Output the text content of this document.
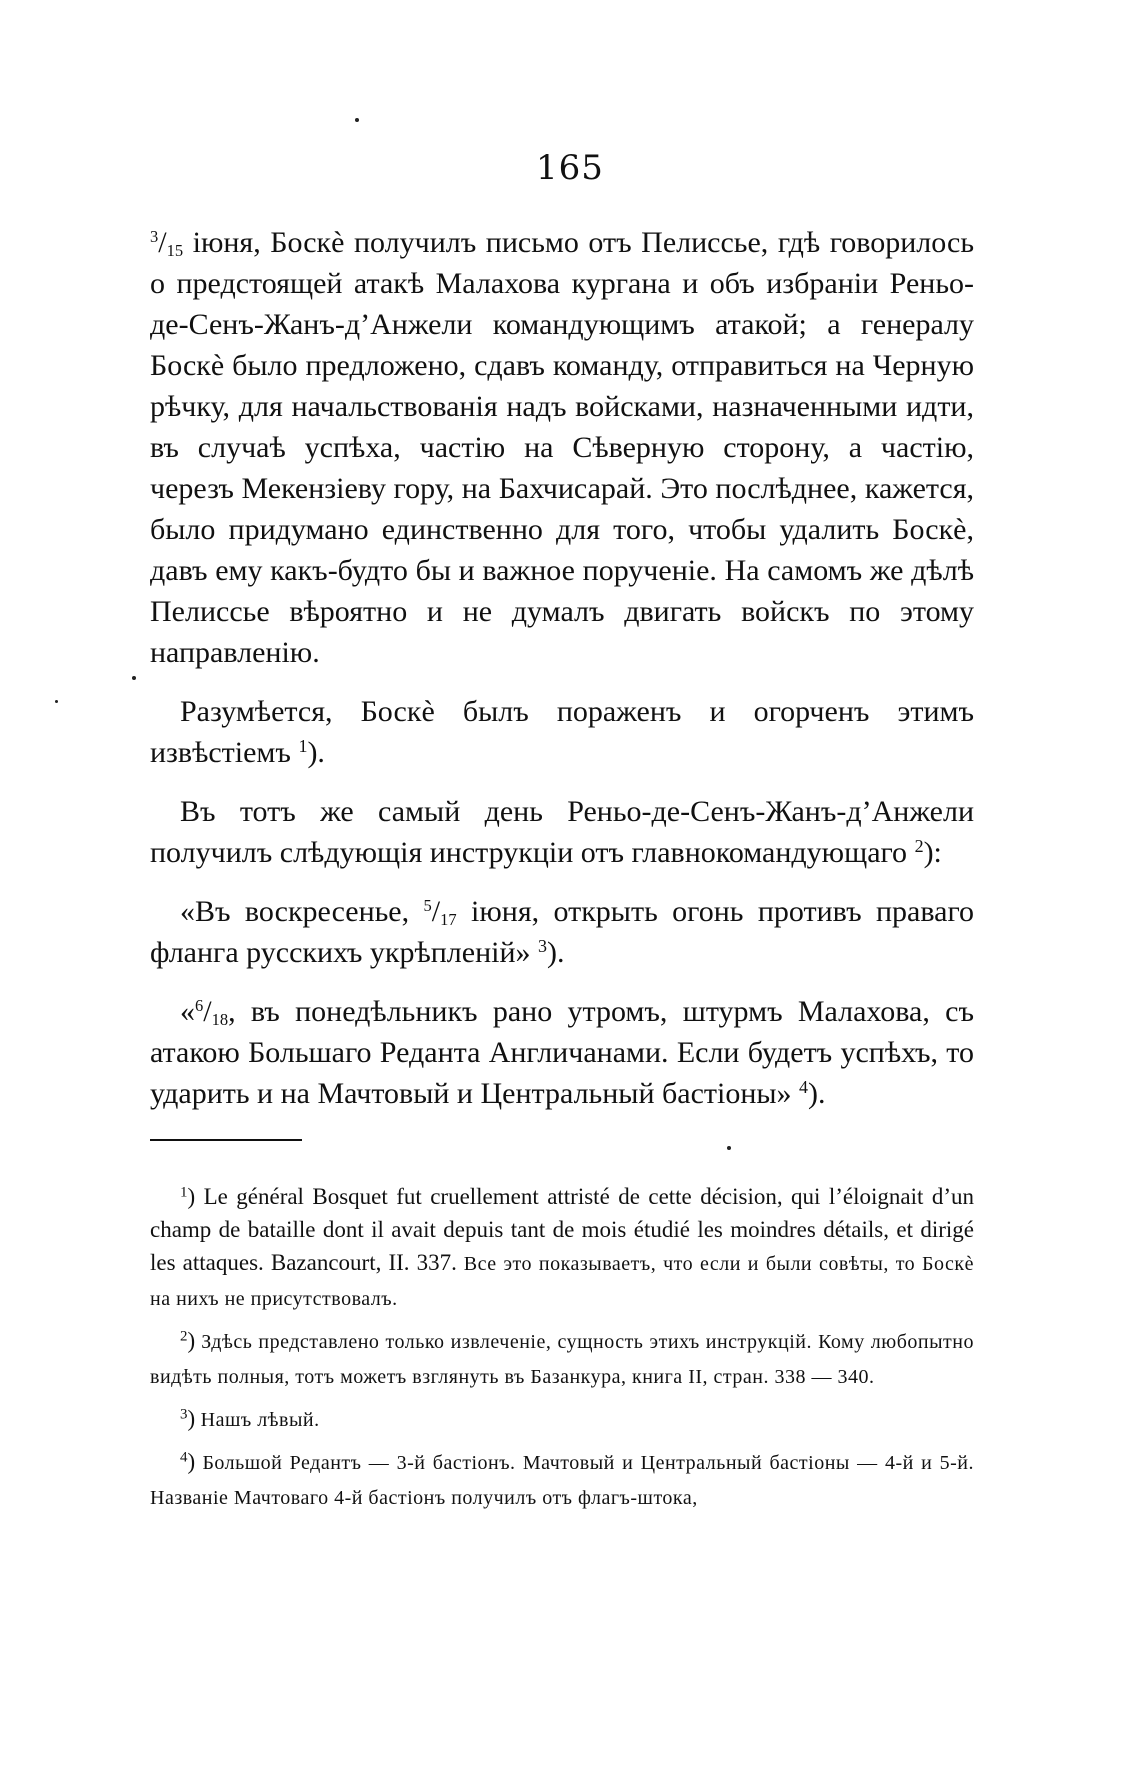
165

$^3/_{15}$ іюня, Боскѐ получилъ письмо отъ Пелиссье, гдѣ говорилось о предстоящей атакѣ Малахова кургана и объ избраніи Реньо-де-Сенъ-Жанъ-д’Анжели командующимъ атакой; а генералу Боскѐ было предложено, сдавъ команду, отправиться на Черную рѣчку, для начальствованія надъ войсками, назначенными идти, въ случаѣ успѣха, частію на Сѣверную сторону, а частію, черезъ Мекензіеву гору, на Бахчисарай. Это послѣднее, кажется, было придумано единственно для того, чтобы удалить Боскѐ, давъ ему какъ-будто бы и важное порученіе. На самомъ же дѣлѣ Пелиссье вѣроятно и не думалъ двигать войскъ по этому направленію.

Разумѣется, Боскѐ былъ пораженъ и огорченъ этимъ извѣстіемъ $^1$).

Въ тотъ же самый день Реньо-де-Сенъ-Жанъ-д’Анжели получилъ слѣдующія инструкціи отъ главнокомандующаго $^2$):

«Въ воскресенье, $^5/_{17}$ іюня, открыть огонь противъ праваго фланга русскихъ укрѣпленій» $^3$).

«$^6/_{18}$, въ понедѣльникъ рано утромъ, штурмъ Малахова, съ атакою Большаго Реданта Англичанами. Если будетъ успѣхъ, то ударить и на Мачтовый и Центральный бастіоны» $^4$).

$^1$) Le général Bosquet fut cruellement attristé de cette décision, qui l’éloignait d’un champ de bataille dont il avait depuis tant de mois étudié les moindres détails, et dirigé les attaques. Bazancourt, II. 337. Все это показываетъ, что если и были совѣты, то Боскѐ на нихъ не присутствовалъ.

$^2$) Здѣсь представлено только извлеченіе, сущность этихъ инструкцій. Кому любопытно видѣть полныя, тотъ можетъ взглянуть въ Базанкура, книга II, стран. 338 — 340.

$^3$) Нашъ лѣвый.

$^4$) Большой Редантъ — 3-й бастіонъ. Мачтовый и Центральный бастіоны — 4-й и 5-й. Названіе Мачтоваго 4-й бастіонъ получилъ отъ флагъ-штока,
